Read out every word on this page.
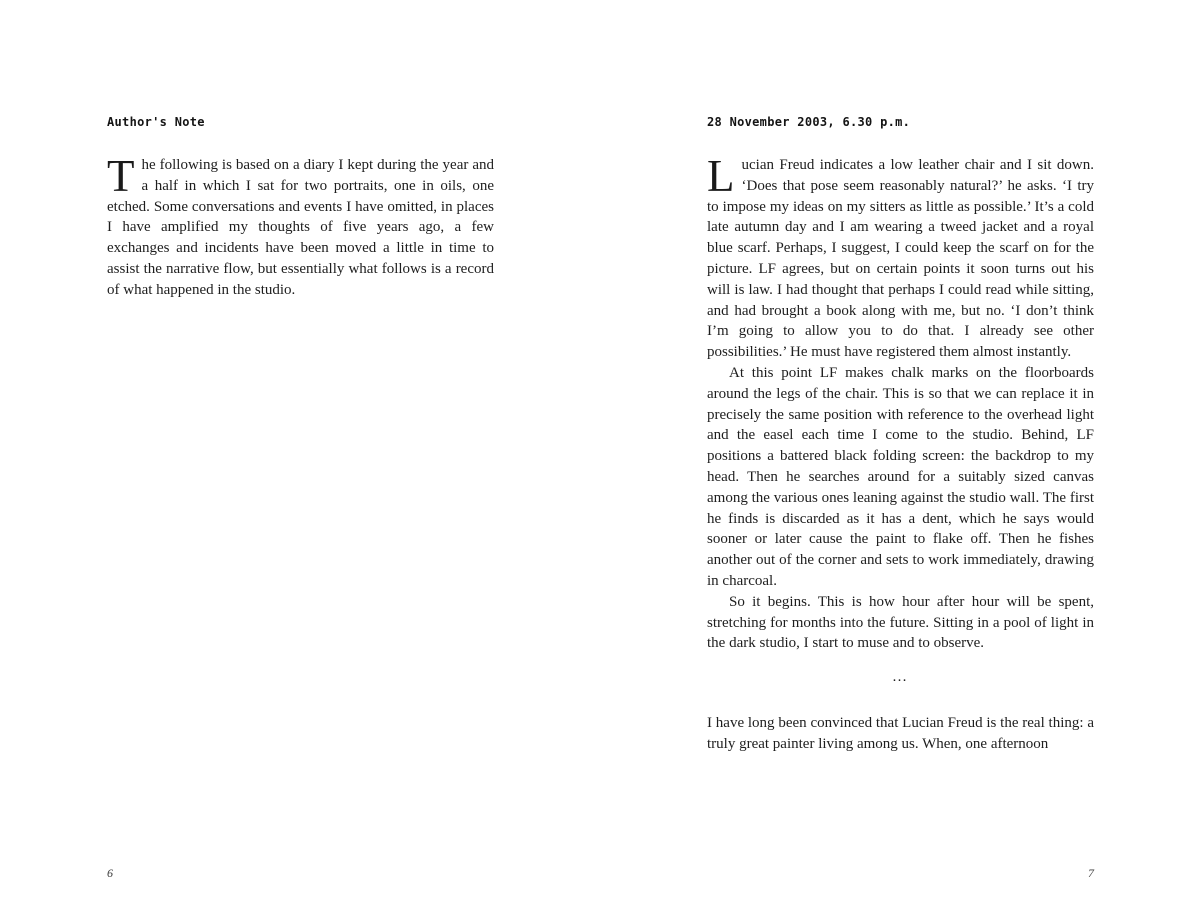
Author's Note

The following is based on a diary I kept during the year and a half in which I sat for two portraits, one in oils, one etched. Some conversations and events I have omitted, in places I have amplified my thoughts of five years ago, a few exchanges and incidents have been moved a little in time to assist the narrative flow, but essentially what follows is a record of what happened in the studio.

6
28 November 2003, 6.30 p.m.

Lucian Freud indicates a low leather chair and I sit down. ‘Does that pose seem reasonably natural?’ he asks. ‘I try to impose my ideas on my sitters as little as possible.’ It’s a cold late autumn day and I am wearing a tweed jacket and a royal blue scarf. Perhaps, I suggest, I could keep the scarf on for the picture. LF agrees, but on certain points it soon turns out his will is law. I had thought that perhaps I could read while sitting, and had brought a book along with me, but no. ‘I don’t think I’m going to allow you to do that. I already see other possibilities.’ He must have registered them almost instantly.

At this point LF makes chalk marks on the floorboards around the legs of the chair. This is so that we can replace it in precisely the same position with reference to the overhead light and the easel each time I come to the studio. Behind, LF positions a battered black folding screen: the backdrop to my head. Then he searches around for a suitably sized canvas among the various ones leaning against the studio wall. The first he finds is discarded as it has a dent, which he says would sooner or later cause the paint to flake off. Then he fishes another out of the corner and sets to work immediately, drawing in charcoal.

So it begins. This is how hour after hour will be spent, stretching for months into the future. Sitting in a pool of light in the dark studio, I start to muse and to observe.

…

I have long been convinced that Lucian Freud is the real thing: a truly great painter living among us. When, one afternoon

7
